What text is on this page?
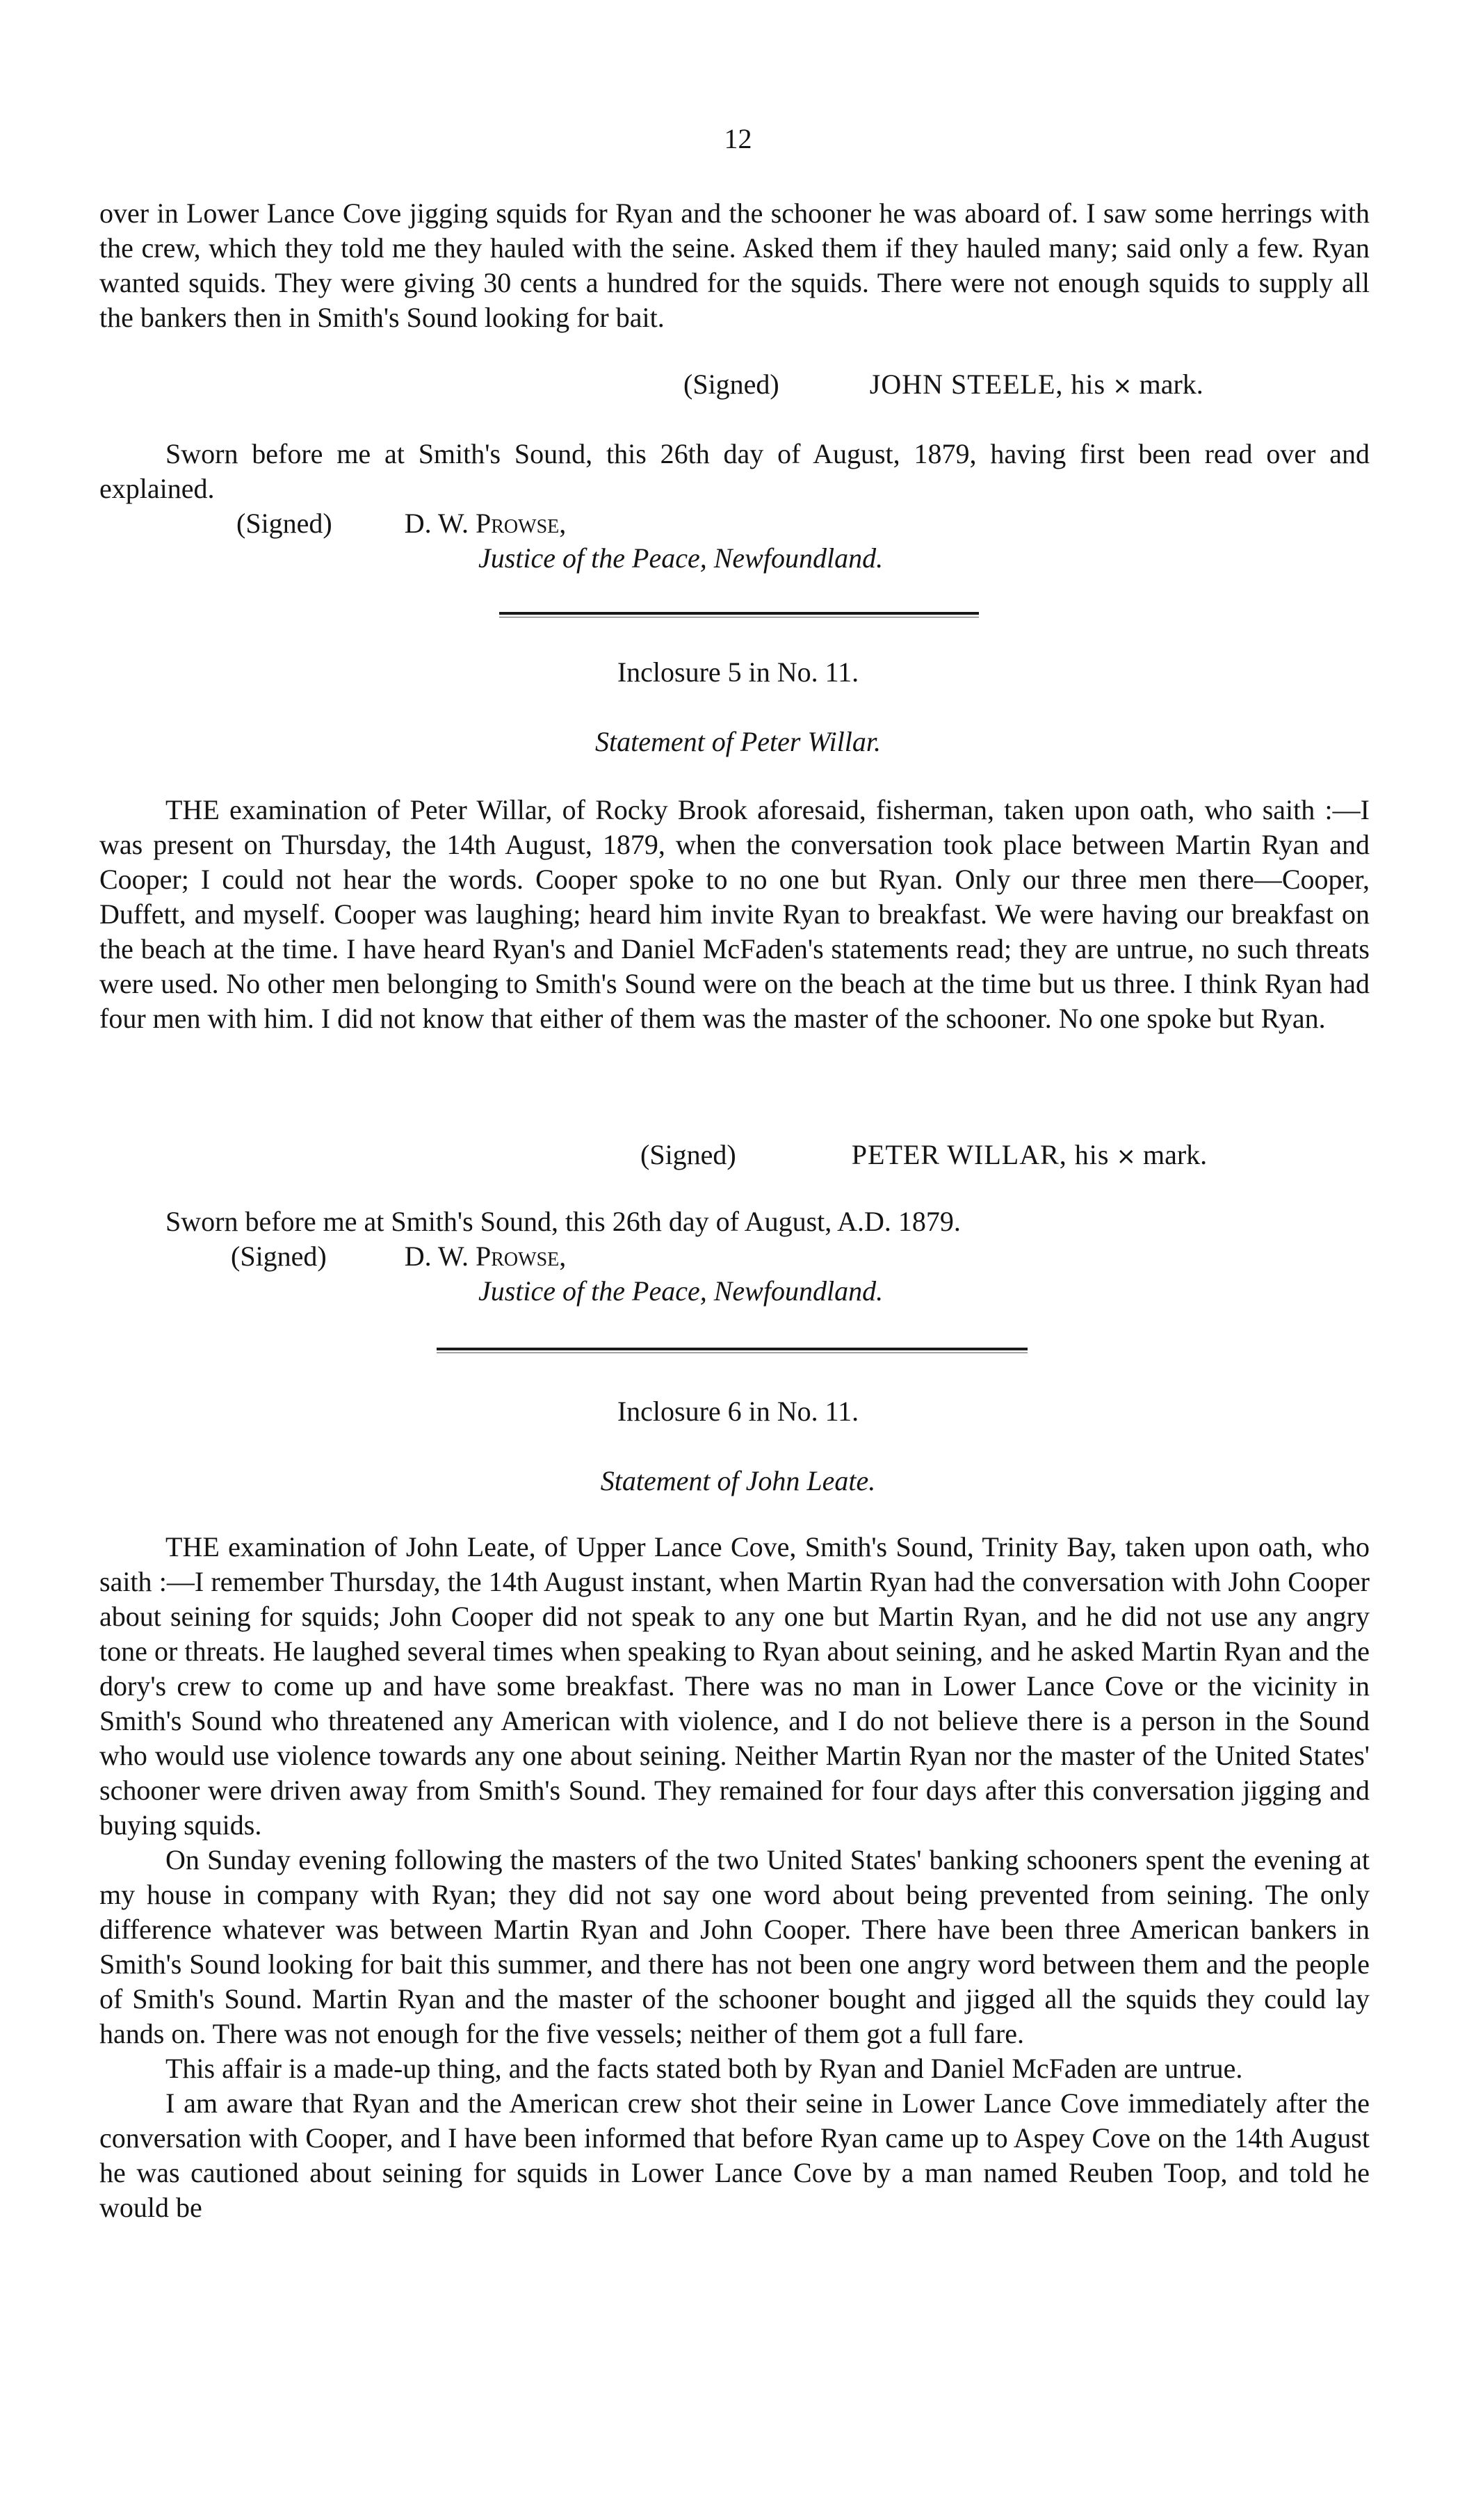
12

over in Lower Lance Cove jigging squids for Ryan and the schooner he was aboard of. I saw some herrings with the crew, which they told me they hauled with the seine. Asked them if they hauled many; said only a few. Ryan wanted squids. They were giving 30 cents a hundred for the squids. There were not enough squids to supply all the bankers then in Smith's Sound looking for bait.

(Signed)	JOHN STEELE, his × mark.

Sworn before me at Smith's Sound, this 26th day of August, 1879, having first been read over and explained.

(Signed)	D. W. Prowse,
Justice of the Peace, Newfoundland.
Inclosure 5 in No. 11.
Statement of Peter Willar.

THE examination of Peter Willar, of Rocky Brook aforesaid, fisherman, taken upon oath, who saith :—I was present on Thursday, the 14th August, 1879, when the conversation took place between Martin Ryan and Cooper; I could not hear the words. Cooper spoke to no one but Ryan. Only our three men there—Cooper, Duffett, and myself. Cooper was laughing; heard him invite Ryan to breakfast. We were having our breakfast on the beach at the time. I have heard Ryan's and Daniel McFaden's statements read; they are untrue, no such threats were used. No other men belonging to Smith's Sound were on the beach at the time but us three. I think Ryan had four men with him. I did not know that either of them was the master of the schooner. No one spoke but Ryan.

(Signed)	PETER WILLAR, his × mark.

Sworn before me at Smith's Sound, this 26th day of August, A.D. 1879.

(Signed)	D. W. Prowse,
Justice of the Peace, Newfoundland.
Inclosure 6 in No. 11.
Statement of John Leate.

THE examination of John Leate, of Upper Lance Cove, Smith's Sound, Trinity Bay, taken upon oath, who saith :—I remember Thursday, the 14th August instant, when Martin Ryan had the conversation with John Cooper about seining for squids; John Cooper did not speak to any one but Martin Ryan, and he did not use any angry tone or threats. He laughed several times when speaking to Ryan about seining, and he asked Martin Ryan and the dory's crew to come up and have some breakfast. There was no man in Lower Lance Cove or the vicinity in Smith's Sound who threatened any American with violence, and I do not believe there is a person in the Sound who would use violence towards any one about seining. Neither Martin Ryan nor the master of the United States' schooner were driven away from Smith's Sound. They remained for four days after this conversation jigging and buying squids.

On Sunday evening following the masters of the two United States' banking schooners spent the evening at my house in company with Ryan; they did not say one word about being prevented from seining. The only difference whatever was between Martin Ryan and John Cooper. There have been three American bankers in Smith's Sound looking for bait this summer, and there has not been one angry word between them and the people of Smith's Sound. Martin Ryan and the master of the schooner bought and jigged all the squids they could lay hands on. There was not enough for the five vessels; neither of them got a full fare.

This affair is a made-up thing, and the facts stated both by Ryan and Daniel McFaden are untrue.

I am aware that Ryan and the American crew shot their seine in Lower Lance Cove immediately after the conversation with Cooper, and I have been informed that before Ryan came up to Aspey Cove on the 14th August he was cautioned about seining for squids in Lower Lance Cove by a man named Reuben Toop, and told he would be
